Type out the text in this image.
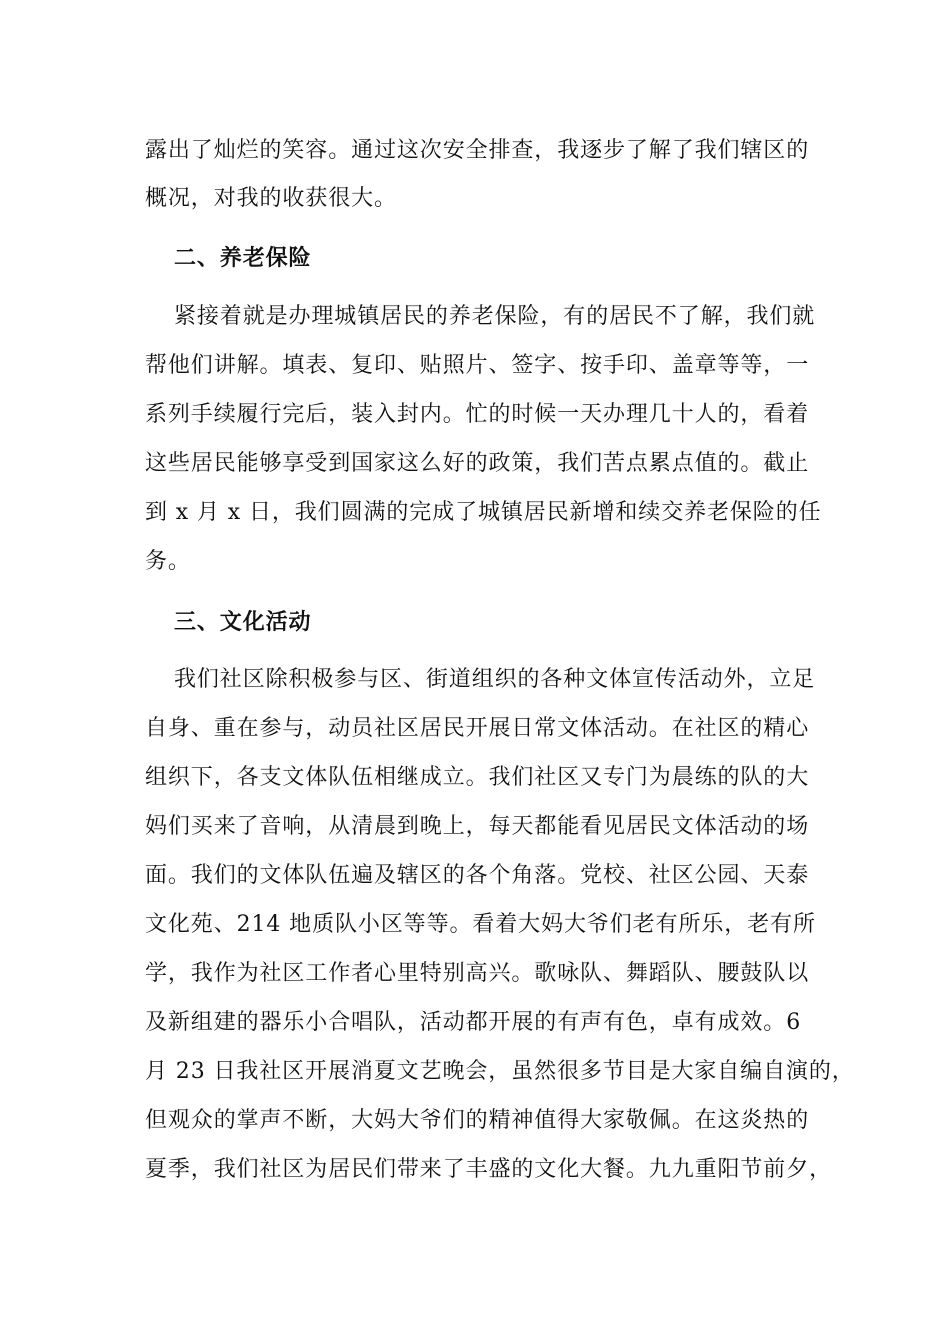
露出了灿烂的笑容。通过这次安全排查，我逐步了解了我们辖区的
概况，对我的收获很大。
二、养老保险
紧接着就是办理城镇居民的养老保险，有的居民不了解，我们就
帮他们讲解。填表、复印、贴照片、签字、按手印、盖章等等，一
系列手续履行完后，装入封内。忙的时候一天办理几十人的，看着
这些居民能够享受到国家这么好的政策，我们苦点累点值的。截止
到 x 月 x 日，我们圆满的完成了城镇居民新增和续交养老保险的任
务。
三、文化活动
我们社区除积极参与区、街道组织的各种文体宣传活动外，立足
自身、重在参与，动员社区居民开展日常文体活动。在社区的精心
组织下，各支文体队伍相继成立。我们社区又专门为晨练的队的大
妈们买来了音响，从清晨到晚上，每天都能看见居民文体活动的场
面。我们的文体队伍遍及辖区的各个角落。党校、社区公园、天泰
文化苑、214 地质队小区等等。看着大妈大爷们老有所乐，老有所
学，我作为社区工作者心里特别高兴。歌咏队、舞蹈队、腰鼓队以
及新组建的器乐小合唱队，活动都开展的有声有色，卓有成效。6
月 23 日我社区开展消夏文艺晚会，虽然很多节目是大家自编自演的，
但观众的掌声不断，大妈大爷们的精神值得大家敬佩。在这炎热的
夏季，我们社区为居民们带来了丰盛的文化大餐。九九重阳节前夕，
